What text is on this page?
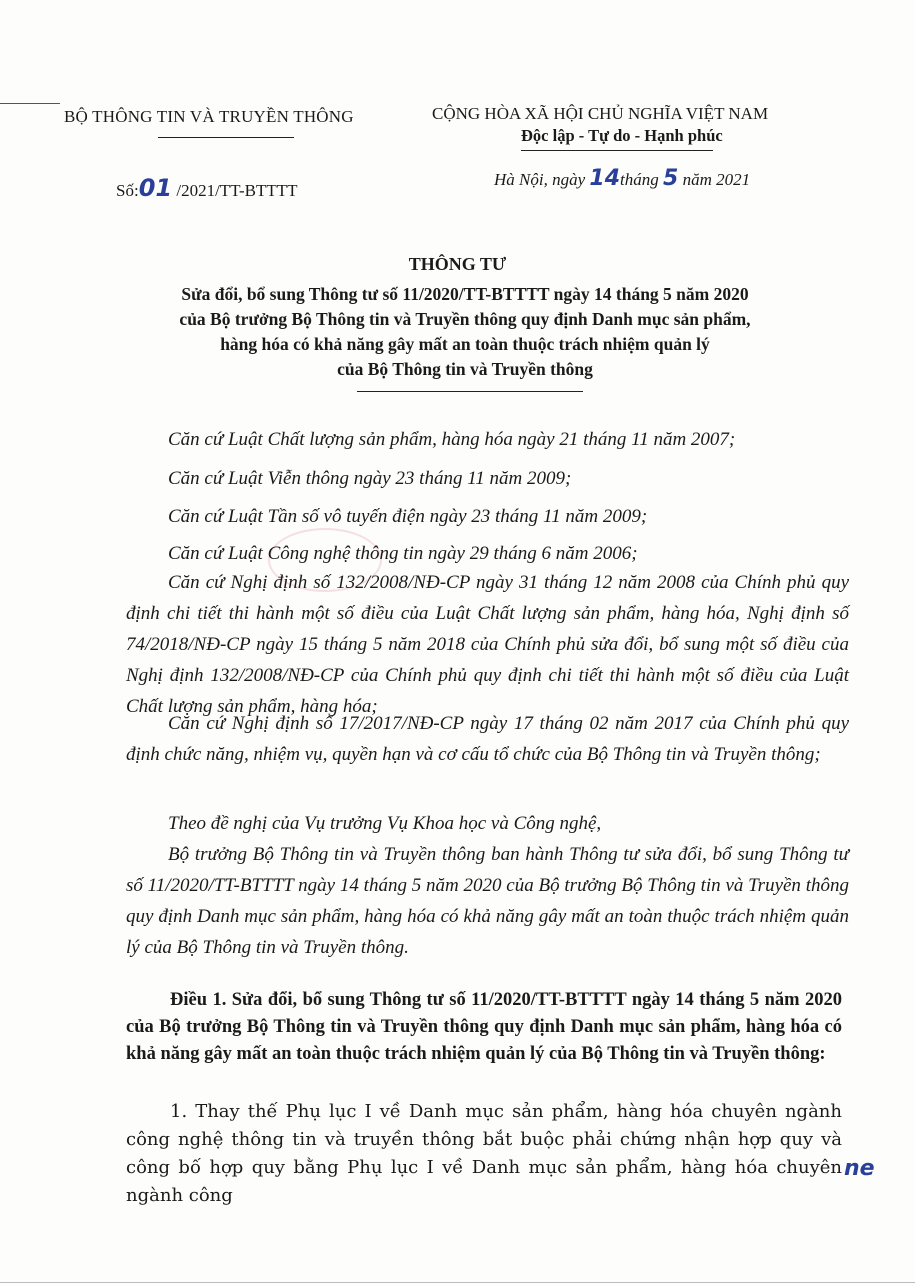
BỘ THÔNG TIN VÀ TRUYỀN THÔNG	CỘNG HÒA XÃ HỘI CHỦ NGHĨA VIỆT NAM
Độc lập - Tự do - Hạnh phúc
Số:01 /2021/TT-BTTTT
Hà Nội, ngày 14tháng 5 năm 2021
THÔNG TƯ
Sửa đổi, bổ sung Thông tư số 11/2020/TT-BTTTT ngày 14 tháng 5 năm 2020
của Bộ trưởng Bộ Thông tin và Truyền thông quy định Danh mục sản phẩm,
hàng hóa có khả năng gây mất an toàn thuộc trách nhiệm quản lý
của Bộ Thông tin và Truyền thông
Căn cứ Luật Chất lượng sản phẩm, hàng hóa ngày 21 tháng 11 năm 2007;
Căn cứ Luật Viễn thông ngày 23 tháng 11 năm 2009;
Căn cứ Luật Tần số vô tuyến điện ngày 23 tháng 11 năm 2009;
Căn cứ Luật Công nghệ thông tin ngày 29 tháng 6 năm 2006;
Căn cứ Nghị định số 132/2008/NĐ-CP ngày 31 tháng 12 năm 2008 của Chính phủ quy định chi tiết thi hành một số điều của Luật Chất lượng sản phẩm, hàng hóa, Nghị định số 74/2018/NĐ-CP ngày 15 tháng 5 năm 2018 của Chính phủ sửa đổi, bổ sung một số điều của Nghị định 132/2008/NĐ-CP của Chính phủ quy định chi tiết thi hành một số điều của Luật Chất lượng sản phẩm, hàng hóa;
Căn cứ Nghị định số 17/2017/NĐ-CP ngày 17 tháng 02 năm 2017 của Chính phủ quy định chức năng, nhiệm vụ, quyền hạn và cơ cấu tổ chức của Bộ Thông tin và Truyền thông;
Theo đề nghị của Vụ trưởng Vụ Khoa học và Công nghệ,
Bộ trưởng Bộ Thông tin và Truyền thông ban hành Thông tư sửa đổi, bổ sung Thông tư số 11/2020/TT-BTTTT ngày 14 tháng 5 năm 2020 của Bộ trưởng Bộ Thông tin và Truyền thông quy định Danh mục sản phẩm, hàng hóa có khả năng gây mất an toàn thuộc trách nhiệm quản lý của Bộ Thông tin và Truyền thông.
Điều 1. Sửa đổi, bổ sung Thông tư số 11/2020/TT-BTTTT ngày 14 tháng 5 năm 2020 của Bộ trưởng Bộ Thông tin và Truyền thông quy định Danh mục sản phẩm, hàng hóa có khả năng gây mất an toàn thuộc trách nhiệm quản lý của Bộ Thông tin và Truyền thông:
1. Thay thế Phụ lục I về Danh mục sản phẩm, hàng hóa chuyên ngành công nghệ thông tin và truyền thông bắt buộc phải chứng nhận hợp quy và công bố hợp quy bằng Phụ lục I về Danh mục sản phẩm, hàng hóa chuyên ngành công
ne
